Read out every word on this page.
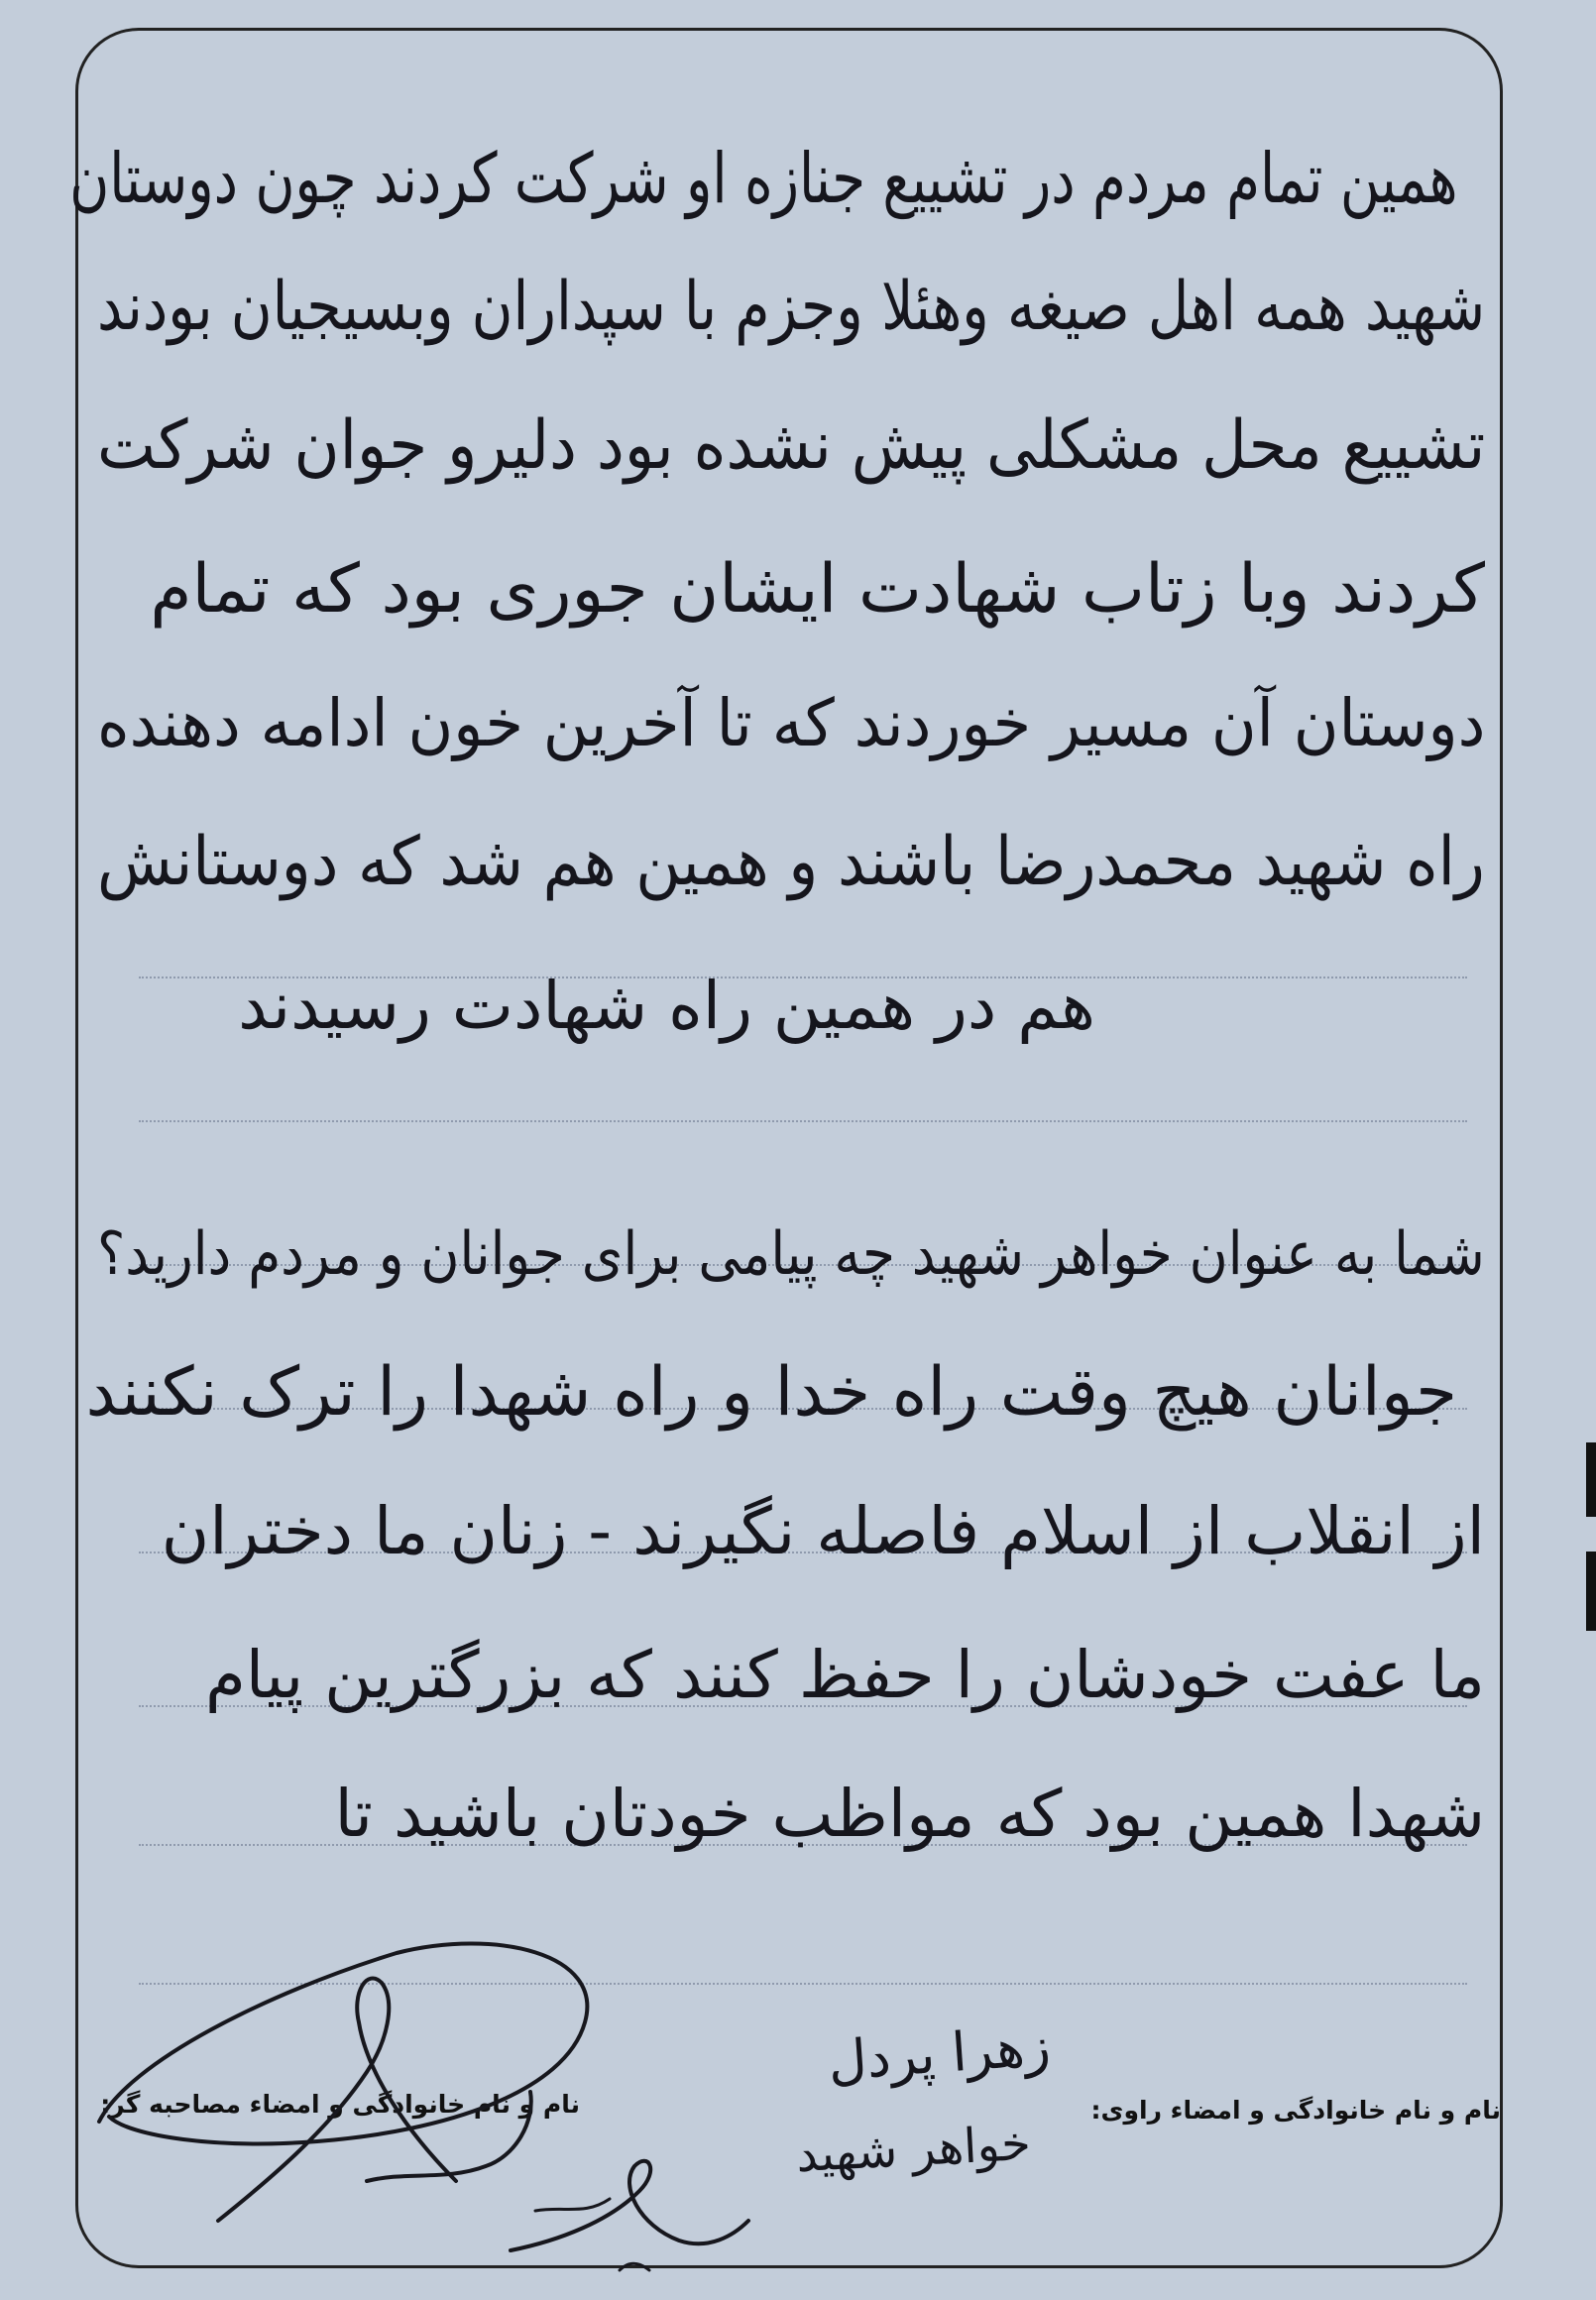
همین تمام مردم در تشییع جنازه او شرکت کردند چون دوستان
شهید همه اهل صیغه وهئلا وجزم با سپداران وبسیجیان بودند
تشییع محل مشکلی پیش نشده بود دلیرو جوان شرکت
کردند وبا زتاب شهادت ایشان جوری بود که تمام
دوستان آن مسیر خوردند که تا آخرین خون ادامه دهنده
راه شهید محمدرضا باشند و همین هم شد که دوستانش
هم در همین راه شهادت رسیدند
شما به عنوان خواهر شهید چه پیامی برای جوانان و مردم دارید؟
جوانان هیچ وقت راه خدا و راه شهدا را ترک نکنند
از انقلاب از اسلام فاصله نگیرند - زنان ما دختران
ما عفت خودشان را حفظ کنند که بزرگترین پیام
شهدا همین بود که مواظب خودتان باشید تا
نام و نام خانوادگی و امضاء راوی:
نام و نام خانوادگی و امضاء مصاحبه گر:
زهرا پردل
خواهر شهید
